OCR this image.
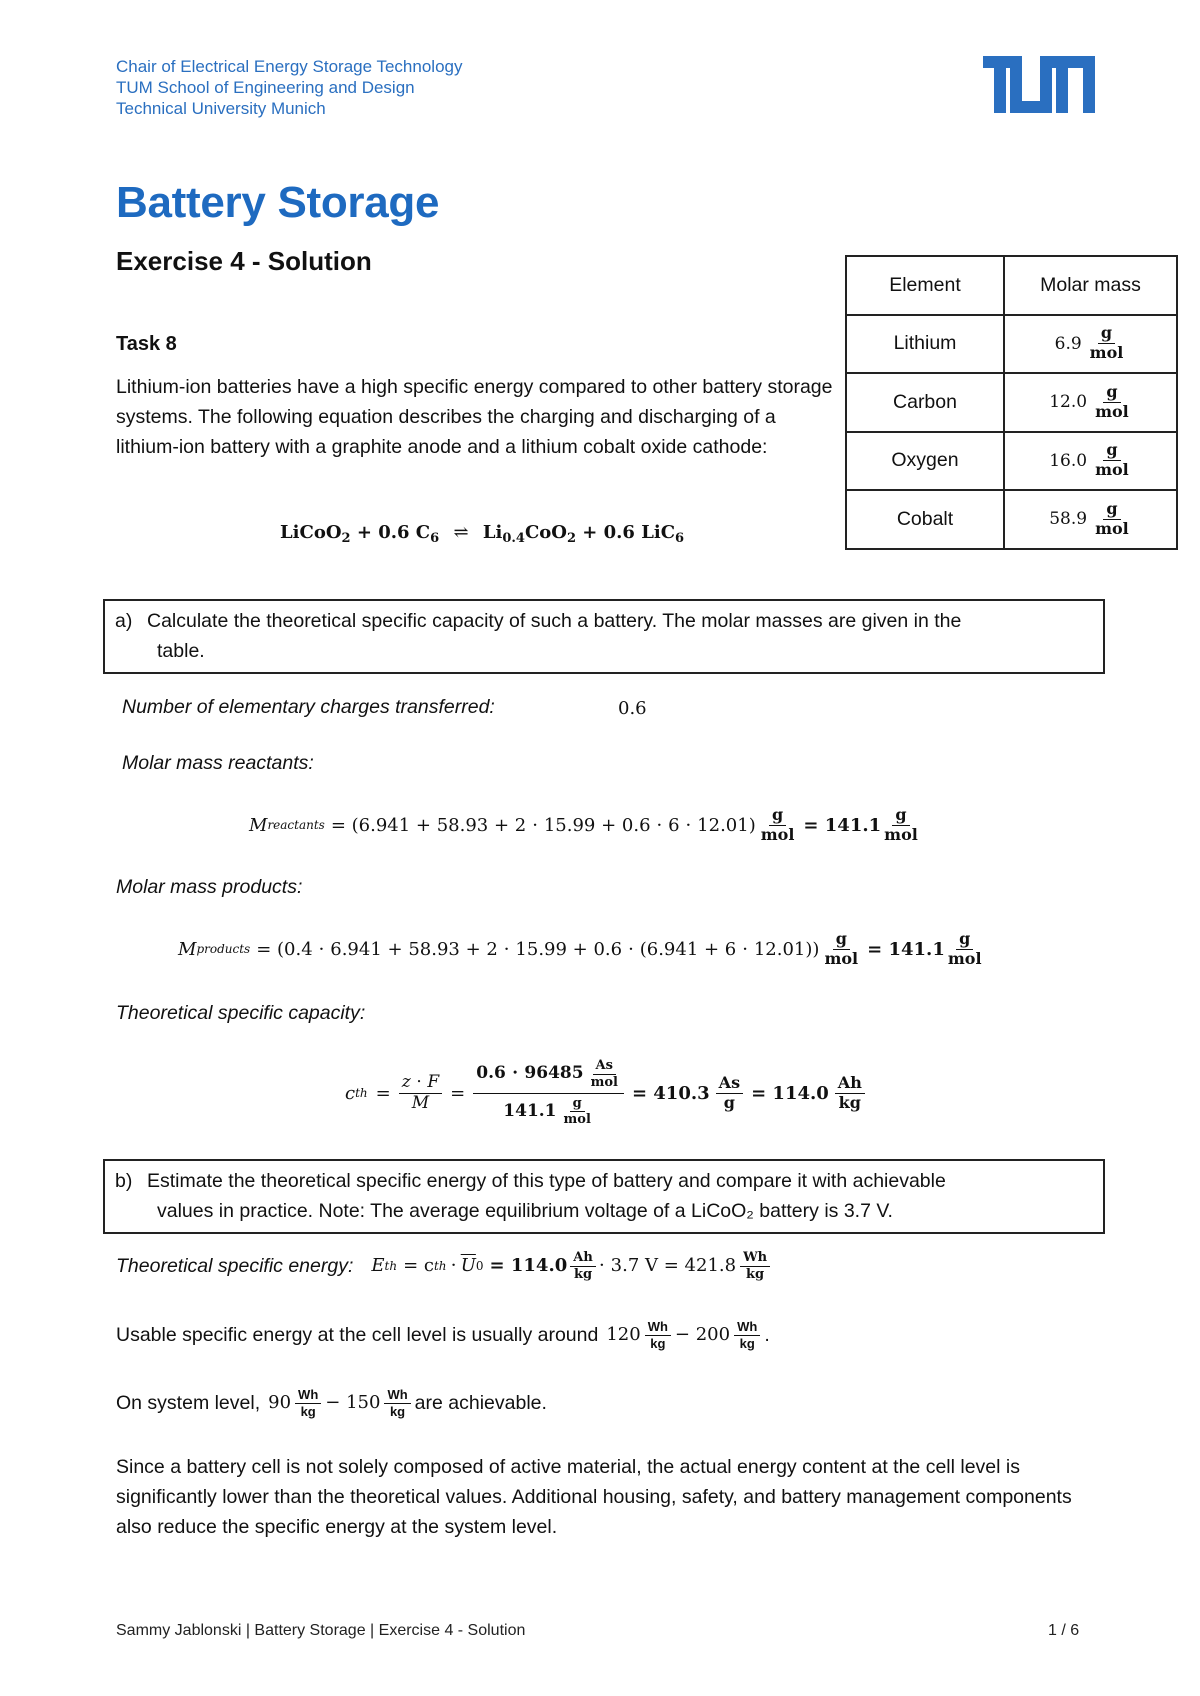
Chair of Electrical Energy Storage Technology
TUM School of Engineering and Design
Technical University Munich
Battery Storage
Exercise 4 - Solution
Task 8
Lithium-ion batteries have a high specific energy compared to other battery storage systems. The following equation describes the charging and discharging of a lithium-ion battery with a graphite anode and a lithium cobalt oxide cathode:
LiCoO$_2$ + 0.6 $C_6$ ⇌ $Li_{0.4}CoO_2 + 0.6$ LiC$_6$
Element	Molar mass
Lithium	$6.9 \frac{g}{\text{mol}}$

Carbon	$12.0 \frac{g}{\text{mol}}$

Oxygen	$16.0 \frac{g}{\text{mol}}$

Cobalt	$58.9 \frac{g}{\text{mol}}$
a) Calculate the theoretical specific capacity of such a battery. The molar masses are given in the
table.
Number of elementary charges transferred:	0.6
Molar mass reactants:
M reactants = $(6.941 + 58.93 + 2 \cdot 15.99 + 0.6 \cdot 6 \cdot 12.01) \frac{g}{\text{mol}} = 141.1 \frac{g}{\text{mol}}$
Molar mass products:
M products = $(0.4 \cdot 6.941 + 58.93 + 2 \cdot 15.99 + 0.6 \cdot (6.941 + 6 \cdot 12.01)) \frac{g}{\text{mol}} = 141.1 \frac{g}{\text{mol}}$
Theoretical specific capacity:
c th = $\frac{z \cdot F}{M} = \frac{0.6 \cdot 96485 \frac{As}{\text{mol}}}{141.1 \frac{g}{\text{mol}}} = 410.3 \frac{As}{g} = 114.0 \frac{Ah}{kg}$
b) Estimate the theoretical specific energy of this type of battery and compare it with achievable
values in practice. Note: The average equilibrium voltage of a LiCoO₂ battery is 3.7 V.
Theoretical specific energy: E th = c th ⋅ $\overline{U}$ $0 = 114.0 \frac{Ah}{kg} \cdot 3.7$ $V = 421.8 \frac{Wh}{kg}$
Usable specific energy at the cell level is usually around $120 \frac{Wh}{kg} - 200 \frac{Wh}{kg}$ .
On system level, $90 \frac{Wh}{kg} - 150 \frac{Wh}{kg}$ are achievable.
Since a battery cell is not solely composed of active material, the actual energy content at the cell level is significantly lower than the theoretical values. Additional housing, safety, and battery management components also reduce the specific energy at the system level.
Sammy Jablonski | Battery Storage | Exercise 4 - Solution	1 / 6
